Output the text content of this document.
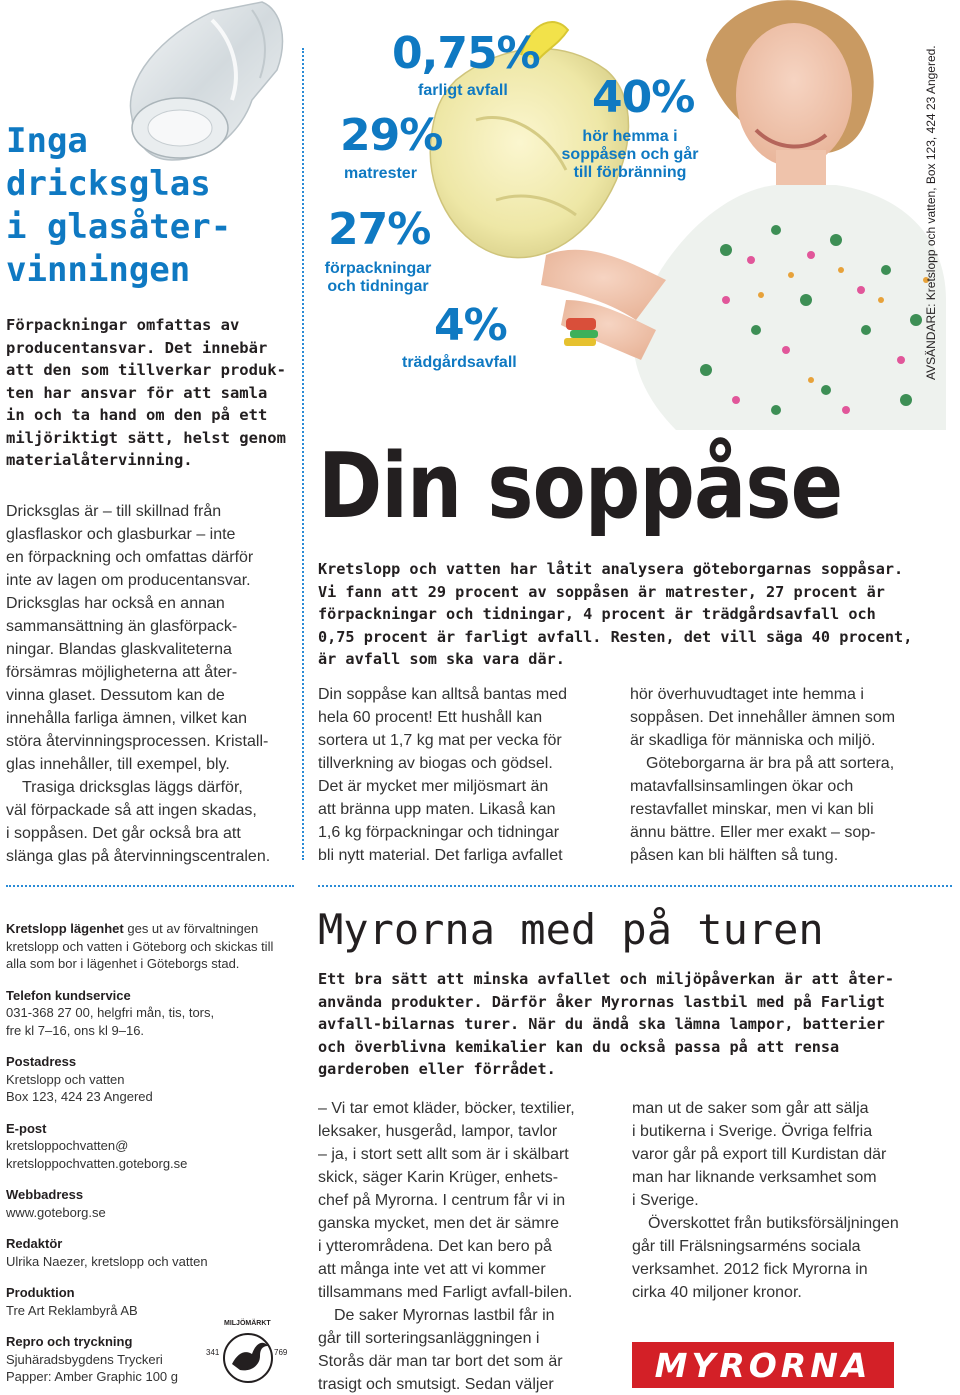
Inga
dricksglas
i glasåter-
vinningen
Förpackningar omfattas av
producentansvar. Det innebär
att den som tillverkar produk-
ten har ansvar för att samla
in och ta hand om den på ett
miljöriktigt sätt, helst genom
materialåtervinning.
Dricksglas är – till skillnad från
glasflaskor och glasburkar – inte
en förpackning och omfattas därför
inte av lagen om producentansvar.
Dricksglas har också en annan
sammansättning än glasförpack-
ningar. Blandas glaskvaliteterna
försämras möjligheterna att åter-
vinna glaset. Dessutom kan de
innehålla farliga ämnen, vilket kan
störa återvinningsprocessen. Kristall-
glas innehåller, till exempel, bly.
Trasiga dricksglas läggs därför,
väl förpackade så att ingen skadas,
i soppåsen. Det går också bra att
slänga glas på återvinningscentralen.
0,75%
farligt avfall
29%
matrester
27%
förpackningar
och tidningar
4%
trädgårdsavfall
40%
hör hemma i
soppåsen och går
till förbränning	AVSÄNDARE: Kretslopp och vatten, Box 123, 424 23 Angered.
Din soppåse
Kretslopp och vatten har låtit analysera göteborgarnas soppåsar.
Vi fann att 29 procent av soppåsen är matrester, 27 procent är
förpackningar och tidningar, 4 procent är trädgårdsavfall och
0,75 procent är farligt avfall. Resten, det vill säga 40 procent,
är avfall som ska vara där.
Din soppåse kan alltså bantas med
hela 60 procent! Ett hushåll kan
sortera ut 1,7 kg mat per vecka för
tillverkning av biogas och gödsel.
Det är mycket mer miljösmart än
att bränna upp maten. Likaså kan
1,6 kg förpackningar och tidningar
bli nytt material. Det farliga avfallet
hör överhuvudtaget inte hemma i
soppåsen. Det innehåller ämnen som
är skadliga för människa och miljö.
Göteborgarna är bra på att sortera,
matavfallsinsamlingen ökar och
restavfallet minskar, men vi kan bli
ännu bättre. Eller mer exakt – sop-
påsen kan bli hälften så tung.
Kretslopp lägenhet ges ut av förvaltningen kretslopp och vatten i Göteborg och skickas till alla som bor i lägenhet i Göteborgs stad.
Telefon kundservice
031-368 27 00, helgfri mån, tis, tors,
fre kl 7–16, ons kl 9–16.
Postadress
Kretslopp och vatten
Box 123, 424 23 Angered
E-post
kretsloppochvatten@
kretsloppochvatten.goteborg.se
Webbadress
www.goteborg.se
Redaktör
Ulrika Naezer, kretslopp och vatten
Produktion
Tre Art Reklambyrå AB
Repro och tryckning
Sjuhäradsbygdens Tryckeri
Papper: Amber Graphic 100 g
MILJÖMÄRKT
341	769
Myrorna med på turen
Ett bra sätt att minska avfallet och miljöpåverkan är att åter-
använda produkter. Därför åker Myrornas lastbil med på Farligt
avfall-bilarnas turer. När du ändå ska lämna lampor, batterier
och överblivna kemikalier kan du också passa på att rensa
garderoben eller förrådet.
– Vi tar emot kläder, böcker, textilier,
leksaker, husgeråd, lampor, tavlor
– ja, i stort sett allt som är i skälbart
skick, säger Karin Krüger, enhets-
chef på Myrorna. I centrum får vi in
ganska mycket, men det är sämre
i ytterområdena. Det kan bero på
att många inte vet att vi kommer
tillsammans med Farligt avfall-bilen.
De saker Myrornas lastbil får in
går till sorteringsanläggningen i
Storås där man tar bort det som är
trasigt och smutsigt. Sedan väljer
man ut de saker som går att sälja
i butikerna i Sverige. Övriga felfria
varor går på export till Kurdistan där
man har liknande verksamhet som
i Sverige.
Överskottet från butiksförsäljningen
går till Frälsningsarméns sociala
verksamhet. 2012 fick Myrorna in
cirka 40 miljoner kronor.
MYRORNA
